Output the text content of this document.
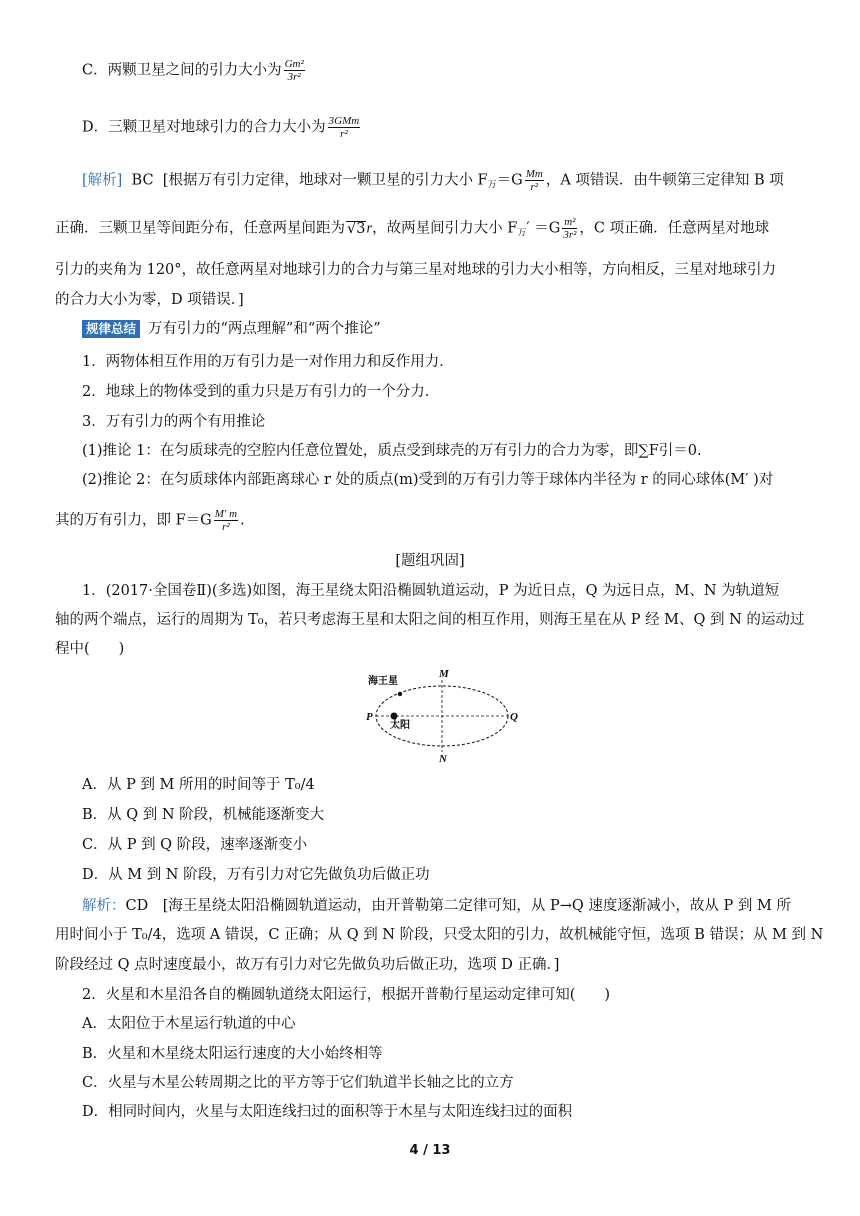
C．两颗卫星之间的引力大小为 $\frac{\text{Gm²}}{\text{3r²}}$
D．三颗卫星对地球引力的合力大小为 $\frac{\text{3GMm}}{\text{r²}}$
[解析] BC [根据万有引力定律，地球对一颗卫星的引力大小 $F_万=G \frac{Mm}{\text{r²}}$ ，A 项错误．由牛顿第三定律知 B 项
正确．三颗卫星等间距分布，任意两星间距为 √3r，故两星间引力大小 $F_万' =G \frac{\text{m²}}{\text{3r²}}$ ，C 项正确．任意两星对地球
引力的夹角为 120°，故任意两星对地球引力的合力与第三星对地球的引力大小相等，方向相反，三星对地球引力
的合力大小为零，D 项错误．]
规律总结 万有引力的“两点理解”和“两个推论”
1．两物体相互作用的万有引力是一对作用力和反作用力．
2．地球上的物体受到的重力只是万有引力的一个分力．
3．万有引力的两个有用推论
(1)推论 1：在匀质球壳的空腔内任意位置处，质点受到球壳的万有引力的合力为零，即∑F引＝0.
(2)推论 2：在匀质球体内部距离球心 r 处的质点(m)受到的万有引力等于球体内半径为 r 的同心球体(M′ )对
其的万有引力，即 $F=G \frac{M' m}{\text{r²}}$ .
[题组巩固]
1．(2017·全国卷Ⅱ)(多选)如图，海王星绕太阳沿椭圆轨道运动，P 为近日点，Q 为远日点，M、N 为轨道短
轴的两个端点，运行的周期为 T₀，若只考虑海王星和太阳之间的相互作用，则海王星在从 P 经 M、Q 到 N 的运动过
程中(　　)
海王星
太阳
P	Q
M
N
A．从 P 到 M 所用的时间等于 T₀/4
B．从 Q 到 N 阶段，机械能逐渐变大
C．从 P 到 Q 阶段，速率逐渐变小
D．从 M 到 N 阶段，万有引力对它先做负功后做正功
解析：CD　[海王星绕太阳沿椭圆轨道运动，由开普勒第二定律可知，从 P→Q 速度逐渐减小，故从 P 到 M 所
用时间小于 T₀/4，选项 A 错误，C 正确；从 Q 到 N 阶段，只受太阳的引力，故机械能守恒，选项 B 错误；从 M 到 N
阶段经过 Q 点时速度最小，故万有引力对它先做负功后做正功，选项 D 正确．]
2．火星和木星沿各自的椭圆轨道绕太阳运行，根据开普勒行星运动定律可知(　　)
A．太阳位于木星运行轨道的中心
B．火星和木星绕太阳运行速度的大小始终相等
C．火星与木星公转周期之比的平方等于它们轨道半长轴之比的立方
D．相同时间内，火星与太阳连线扫过的面积等于木星与太阳连线扫过的面积
4 / 13
